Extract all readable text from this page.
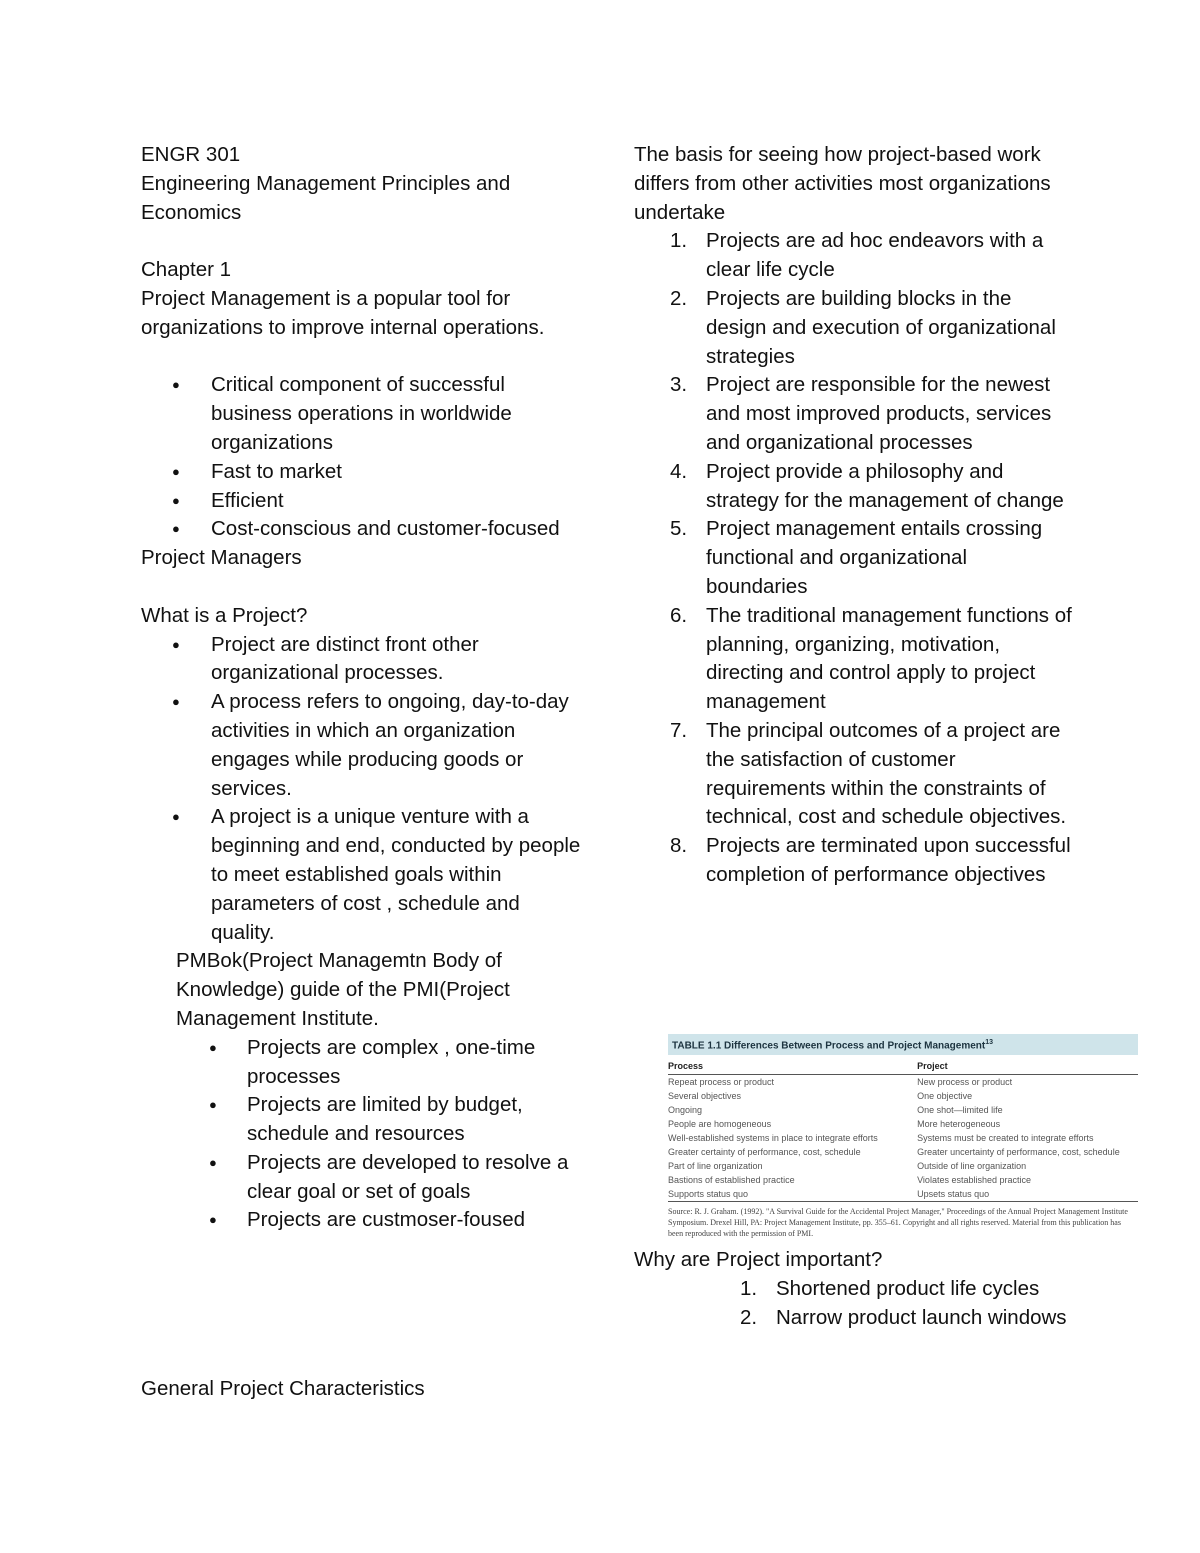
ENGR 301

Engineering Management Principles and Economics

Chapter 1

Project Management is a popular tool for organizations to improve internal operations.

● Critical component of successful business operations in worldwide organizations
● Fast to market
● Efficient
● Cost-conscious and customer-focused

Project Managers

What is a Project?

● Project are distinct front other organizational processes.
● A process refers to ongoing, day-to-day activities in which an organization engages while producing goods or services.
● A project is a unique venture with a beginning and end, conducted by people to meet established goals within parameters of cost , schedule and quality.

PMBok(Project Managemtn Body of Knowledge) guide of the PMI(Project Management Institute.

● Projects are complex , one-time processes
● Projects are limited by budget, schedule and resources
● Projects are developed to resolve a clear goal or set of goals
● Projects are custmoser-foused

General Project Characteristics

The basis for seeing how project-based work differs from other activities most organizations undertake

1. Projects are ad hoc endeavors with a clear life cycle
2. Projects are building blocks in the design and execution of organizational strategies
3. Project are responsible for the newest and most improved products, services and organizational processes
4. Project provide a philosophy and strategy for the management of change
5. Project management entails crossing functional and organizational boundaries
6. The traditional management functions of planning, organizing, motivation, directing and control apply to project management
7. The principal outcomes of a project are the satisfaction of customer requirements within the constraints of technical, cost and schedule objectives.
8. Projects are terminated upon successful completion of performance objectives
TABLE 1.1 Differences Between Process and Project Management$^{13}$
Process	Project
Repeat process or product	New process or product
Several objectives	One objective
Ongoing	One shot—limited life
People are homogeneous	More heterogeneous
Well-established systems in place to integrate efforts	Systems must be created to integrate efforts
Greater certainty of performance, cost, schedule	Greater uncertainty of performance, cost, schedule
Part of line organization	Outside of line organization
Bastions of established practice	Violates established practice
Supports status quo	Upsets status quo

Source: R. J. Graham. (1992). "A Survival Guide for the Accidental Project Manager," Proceedings of the Annual Project Management Institute Symposium. Drexel Hill, PA: Project Management Institute, pp. 355–61. Copyright and all rights reserved. Material from this publication has been reproduced with the permission of PMI.

Why are Project important?

1. Shortened product life cycles
2. Narrow product launch windows
